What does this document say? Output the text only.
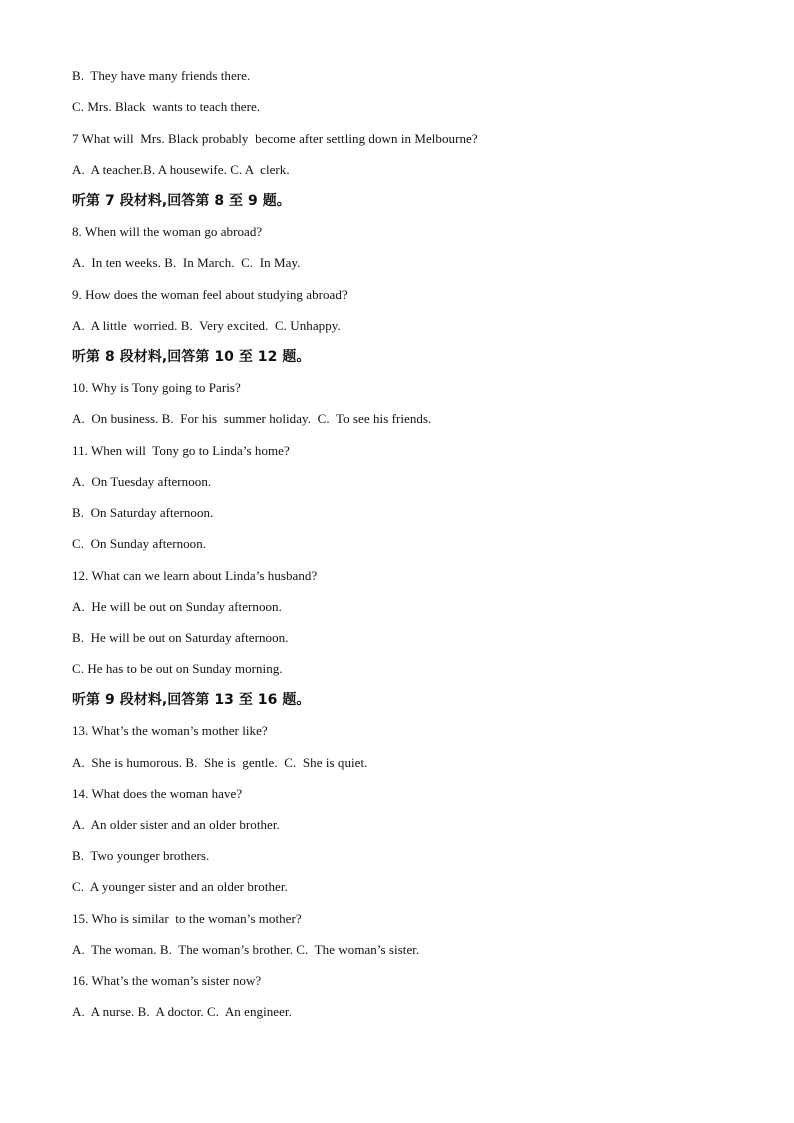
B.  They have many friends there.
C. Mrs. Black  wants to teach there.
7 What will  Mrs. Black probably  become after settling down in Melbourne?
A.  A teacher.B. A housewife. C. A  clerk.
听第 7 段材料,回答第 8 至 9 题。
8. When will the woman go abroad?
A.  In ten weeks. B.  In March.  C.  In May.
9. How does the woman feel about studying abroad?
A.  A little  worried. B.  Very excited.  C. Unhappy.
听第 8 段材料,回答第 10 至 12 题。
10. Why is Tony going to Paris?
A.  On business. B.  For his  summer holiday.  C.  To see his friends.
11. When will  Tony go to Linda’s home?
A.  On Tuesday afternoon.
B.  On Saturday afternoon.
C.  On Sunday afternoon.
12. What can we learn about Linda’s husband?
A.  He will be out on Sunday afternoon.
B.  He will be out on Saturday afternoon.
C. He has to be out on Sunday morning.
听第 9 段材料,回答第 13 至 16 题。
13. What’s the woman’s mother like?
A.  She is humorous. B.  She is  gentle.  C.  She is quiet.
14. What does the woman have?
A.  An older sister and an older brother.
B.  Two younger brothers.
C.  A younger sister and an older brother.
15. Who is similar  to the woman’s mother?
A.  The woman. B.  The woman’s brother. C.  The woman’s sister.
16. What’s the woman’s sister now?
A.  A nurse. B.  A doctor. C.  An engineer.
